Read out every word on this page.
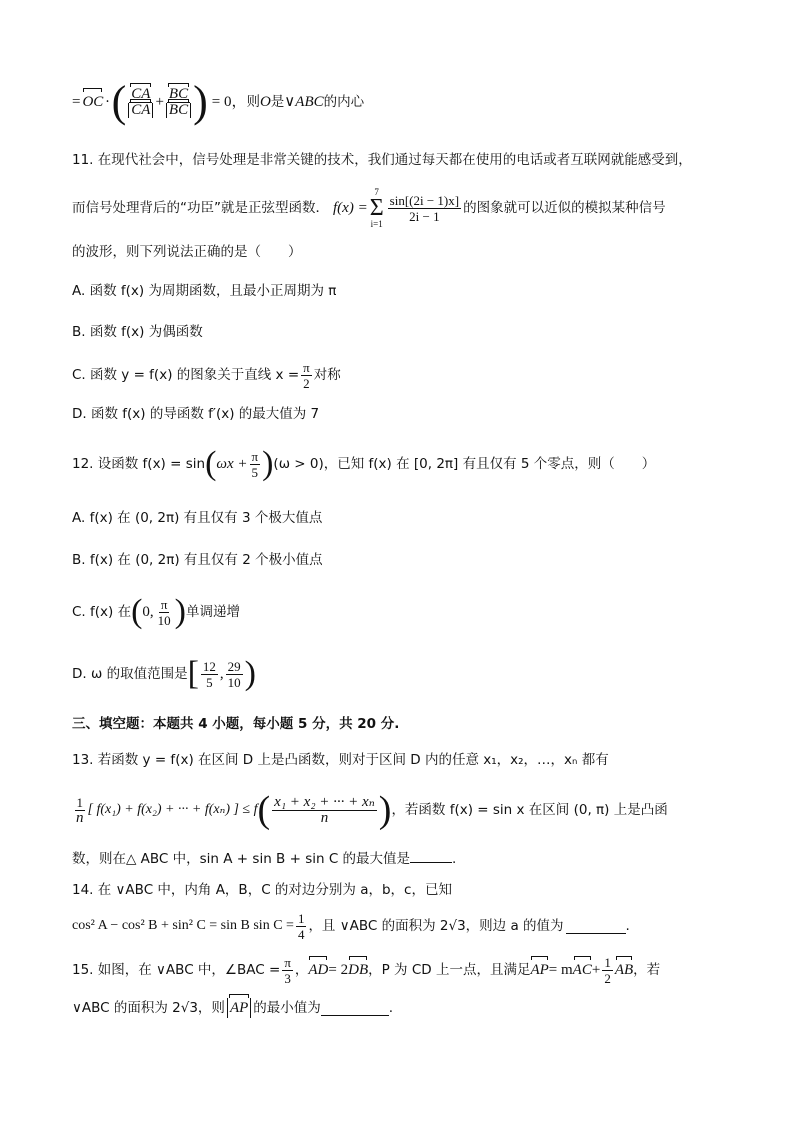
= OC · ( $\frac{CA}{CA} + \frac{BC}{BC}$ ) = 0， 则 O 是 ∨ABC 的内心
11. 在现代社会中，信号处理是非常关键的技术，我们通过每天都在使用的电话或者互联网就能感受到，
而信号处理背后的“功臣”就是正弦型函数． f(x) =
7
Σ
i=1
$\frac{\sin[(2i - 1)x]}{2i - 1}$ 的图象就可以近似的模拟某种信号
的波形，则下列说法正确的是（　　）
A. 函数 f(x) 为周期函数，且最小正周期为 π
B. 函数 f(x) 为偶函数
C. 函数 y = f(x) 的图象关于直线 $x = \frac{\pi}{2}$ 对称
D. 函数 f(x) 的导函数 f′(x) 的最大值为 7
12. 设函数 f(x) = sin ( $\omega x + \frac{\pi}{5}$ ) (ω > 0)，已知 f(x) 在 [0, 2π] 有且仅有 5 个零点，则（　　）
A. f(x) 在 (0, 2π) 有且仅有 3 个极大值点
B. f(x) 在 (0, 2π) 有且仅有 2 个极小值点
C. f(x) 在 ( 0, $\frac{\pi}{10}$ ) 单调递增
D. ω 的取值范围是 [ $\frac{12}{5}$ , $\frac{29}{10}$ )
三、填空题：本题共 4 小题，每小题 5 分，共 20 分.
13. 若函数 y = f(x) 在区间 D 上是凸函数，则对于区间 D 内的任意 x₁，x₂，…，xₙ 都有
$\frac{1}{n}$ [ f(x₁) + f(x₂) + ··· + f(xₙ) ] ≤ f ( $\frac{\text{x₁ + x₂ + ··· + xₙ}}{n}$ ) ，若函数 f(x) = sin x 在区间 (0, π) 上是凸函
数，则在△ ABC 中，sin A + sin B + sin C 的最大值是	.
14. 在 ∨ABC 中，内角 A，B，C 的对边分别为 a，b，c，已知
cos² A − cos² B + sin² C = sin B $\sin C = \frac{1}{4}$ ，且 ∨ABC 的面积为 2√3，则边 a 的值为	.
15. 如图，在 ∨ABC 中，∠BAC = $\frac{\pi}{3}$ ， AD = 2 DB ，P 为 CD 上一点，且满足 AP = m AC + $\frac{1}{2}$ AB ，若
∨ABC 的面积为 2√3，则 AP 的最小值为	.
